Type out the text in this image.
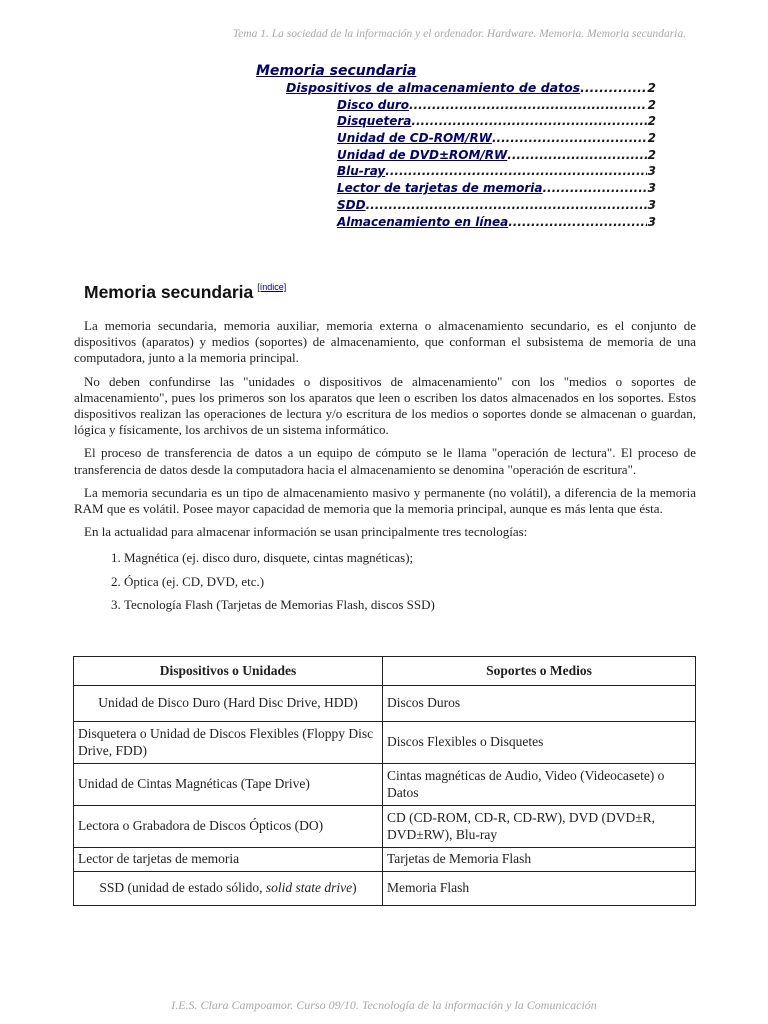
Tema 1. La sociedad de la información y el ordenador. Hardware. Memoria. Memoria secundaria.
Memoria secundaria
Dispositivos de almacenamiento de datos .....	2
Disco duro .....	2
Disquetera .....	2
Unidad de CD-ROM/RW .....	2
Unidad de DVD±ROM/RW .....	2
Blu-ray .....	3
Lector de tarjetas de memoria .....	3
SDD .....	3
Almacenamiento en línea .....	3
Memoria secundaria [índice]

La memoria secundaria, memoria auxiliar, memoria externa o almacenamiento secundario, es el conjunto de dispositivos (aparatos) y medios (soportes) de almacenamiento, que conforman el subsistema de memoria de una computadora, junto a la memoria principal.

No deben confundirse las "unidades o dispositivos de almacenamiento" con los "medios o soportes de almacenamiento", pues los primeros son los aparatos que leen o escriben los datos almacenados en los soportes. Estos dispositivos realizan las operaciones de lectura y/o escritura de los medios o soportes donde se almacenan o guardan, lógica y físicamente, los archivos de un sistema informático.

El proceso de transferencia de datos a un equipo de cómputo se le llama "operación de lectura". El proceso de transferencia de datos desde la computadora hacia el almacenamiento se denomina "operación de escritura".

La memoria secundaria es un tipo de almacenamiento masivo y permanente (no volátil), a diferencia de la memoria RAM que es volátil. Posee mayor capacidad de memoria que la memoria principal, aunque es más lenta que ésta.

En la actualidad para almacenar información se usan principalmente tres tecnologías:

1. Magnética (ej. disco duro, disquete, cintas magnéticas);
2. Óptica (ej. CD, DVD, etc.)
3. Tecnología Flash (Tarjetas de Memorias Flash, discos SSD)
Dispositivos o Unidades	Soportes o Medios
Unidad de Disco Duro (Hard Disc Drive, HDD)	Discos Duros
Disquetera o Unidad de Discos Flexibles (Floppy Disc Drive, FDD)	Discos Flexibles o Disquetes
Unidad de Cintas Magnéticas (Tape Drive)	Cintas magnéticas de Audio, Video (Videocasete) o Datos
Lectora o Grabadora de Discos Ópticos (DO)	CD (CD-ROM, CD-R, CD-RW), DVD (DVD±R, DVD±RW), Blu-ray
Lector de tarjetas de memoria	Tarjetas de Memoria Flash
SSD (unidad de estado sólido, solid state drive)	Memoria Flash
I.E.S. Clara Campoamor. Curso 09/10. Tecnología de la información y la Comunicación
